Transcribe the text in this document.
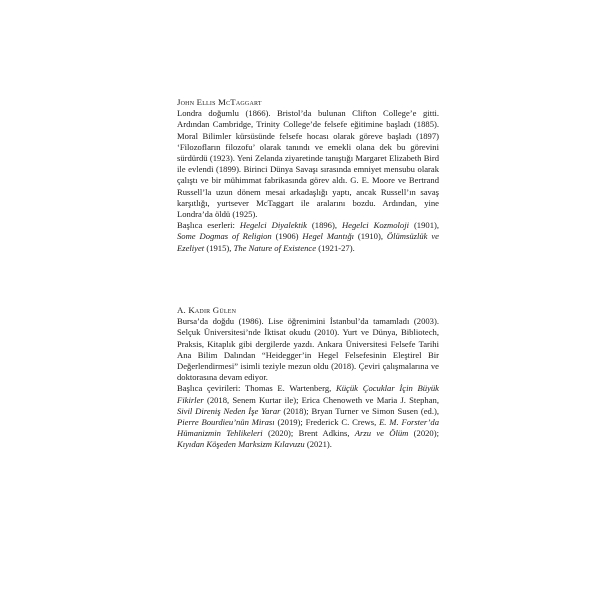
John Ellis McTaggart

Londra doğumlu (1866). Bristol’da bulunan Clifton College’e gitti. Ardından Cambridge, Trinity College’de felsefe eğitimine başladı (1885). Moral Bilimler kürsüsünde felsefe hocası olarak göreve başladı (1897) ‘Filozofların filozofu’ olarak tanındı ve emekli olana dek bu görevini sürdürdü (1923). Yeni Zelanda ziyaretinde tanıştığı Margaret Elizabeth Bird ile evlendi (1899). Birinci Dünya Savaşı sırasında emniyet mensubu olarak çalıştı ve bir mühimmat fabrikasında görev aldı. G. E. Moore ve Bertrand Russell’la uzun dönem mesai arkadaşlığı yaptı, ancak Russell’ın savaş karşıtlığı, yurtsever McTaggart ile aralarını bozdu. Ardından, yine Londra’da öldü (1925).

Başlıca eserleri: Hegelci Diyalektik (1896), Hegelci Kozmoloji (1901), Some Dogmas of Religion (1906) Hegel Mantığı (1910), Ölümsüzlük ve Ezeliyet (1915), The Nature of Existence (1921-27).

A. Kadir Gülen

Bursa’da doğdu (1986). Lise öğrenimini İstanbul’da tamamladı (2003). Selçuk Üniversitesi’nde İktisat okudu (2010). Yurt ve Dünya, Bibliotech, Praksis, Kitaplık gibi dergilerde yazdı. Ankara Üniversitesi Felsefe Tarihi Ana Bilim Dalından “Heidegger’in Hegel Felsefesinin Eleştirel Bir Değerlendirmesi” isimli teziyle mezun oldu (2018). Çeviri çalışmalarına ve doktorasına devam ediyor.

Başlıca çevirileri: Thomas E. Wartenberg, Küçük Çocuklar İçin Büyük Fikirler (2018, Senem Kurtar ile); Erica Chenoweth ve Maria J. Stephan, Sivil Direniş Neden İşe Yarar (2018); Bryan Turner ve Simon Susen (ed.), Pierre Bourdieu’nün Mirası (2019); Frederick C. Crews, E. M. Forster’da Hümanizmin Tehlikeleri (2020); Brent Adkins, Arzu ve Ölüm (2020); Kıyıdan Köşeden Marksizm Kılavuzu (2021).
